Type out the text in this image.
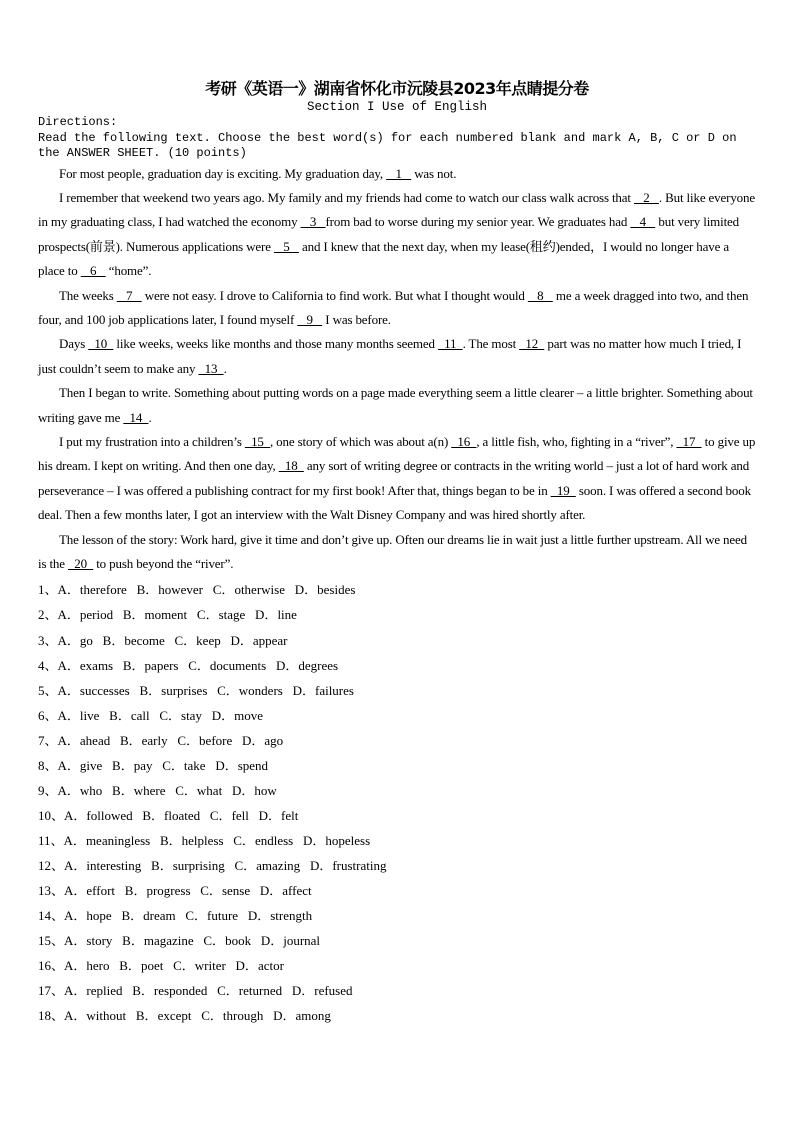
考研《英语一》湖南省怀化市沅陵县2023年点睛提分卷
Section I Use of English
Directions:
Read the following text. Choose the best word(s) for each numbered blank and mark A, B, C or D on the ANSWER SHEET. (10 points)

For most people, graduation day is exciting. My graduation day,    1    was not.

I remember that weekend two years ago. My family and my friends had come to watch our class walk across that    2   . But like everyone in my graduating class, I had watched the economy    3   from bad to worse during my senior year. We graduates had    4    but very limited prospects(前景). Numerous applications were    5    and I knew that the next day, when my lease(租约)ended，I would no longer have a place to    6    “home”.

The weeks    7    were not easy. I drove to California to find work. But what I thought would    8    me a week dragged into two, and then four, and 100 job applications later, I found myself    9    I was before.

Days   10   like weeks, weeks like months and those many months seemed   11  . The most   12   part was no matter how much I tried, I just couldn’t seem to make any   13  .

Then I began to write. Something about putting words on a page made everything seem a little clearer – a little brighter. Something about writing gave me   14  .

I put my frustration into a children’s   15  , one story of which was about a(n)   16  , a little fish, who, fighting in a “river”,   17   to give up his dream. I kept on writing. And then one day,   18   any sort of writing degree or contracts in the writing world – just a lot of hard work and perseverance – I was offered a publishing contract for my first book! After that, things began to be in   19   soon. I was offered a second book deal. Then a few months later, I got an interview with the Walt Disney Company and was hired shortly after.

The lesson of the story: Work hard, give it time and don’t give up. Often our dreams lie in wait just a little further upstream. All we need is the   20   to push beyond the “river”.

1、A．therefore   B．however   C．otherwise   D．besides
2、A．period   B．moment   C．stage   D．line
3、A．go   B．become   C．keep   D．appear
4、A．exams   B．papers   C．documents   D．degrees
5、A．successes   B．surprises   C．wonders   D．failures
6、A．live   B．call   C．stay   D．move
7、A．ahead   B．early   C．before   D．ago
8、A．give   B．pay   C．take   D．spend
9、A．who   B．where   C．what   D．how
10、A．followed   B．floated   C．fell   D．felt
11、A．meaningless   B．helpless   C．endless   D．hopeless
12、A．interesting   B．surprising   C．amazing   D．frustrating
13、A．effort   B．progress   C．sense   D．affect
14、A．hope   B．dream   C．future   D．strength
15、A．story   B．magazine   C．book   D．journal
16、A．hero   B．poet   C．writer   D．actor
17、A．replied   B．responded   C．returned   D．refused
18、A．without   B．except   C．through   D．among
